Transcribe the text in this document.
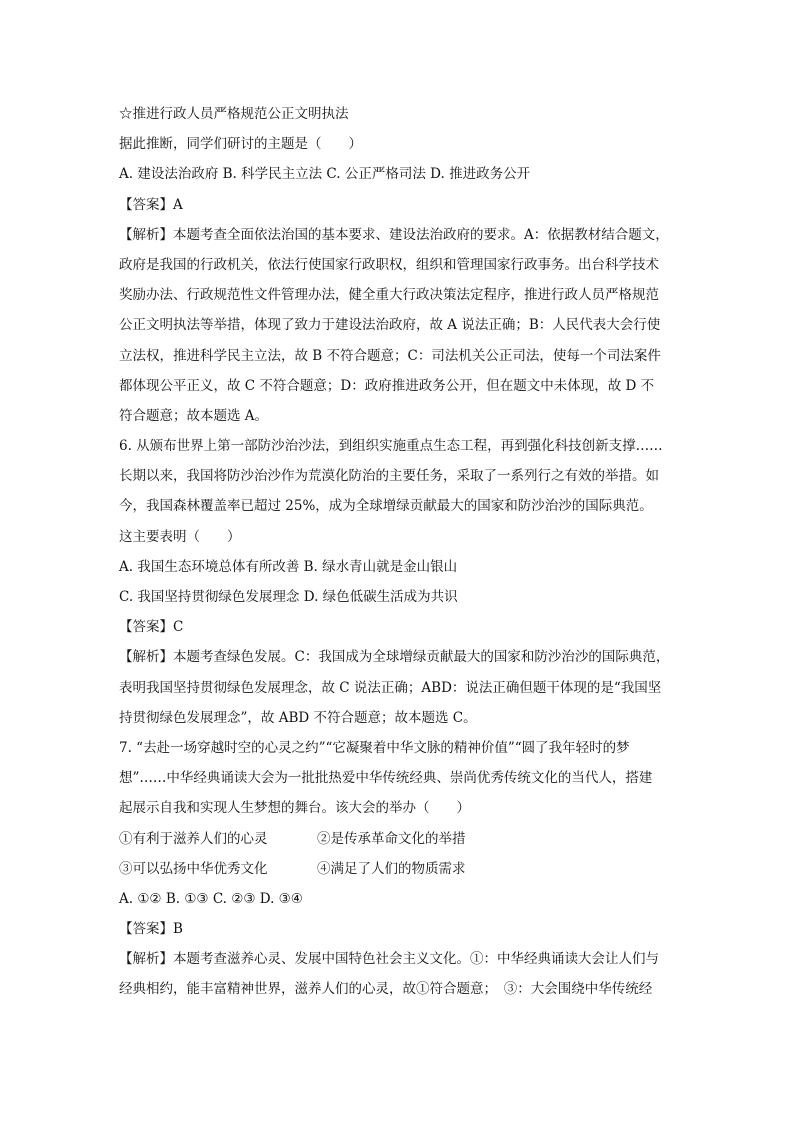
☆推进行政人员严格规范公正文明执法
据此推断，同学们研讨的主题是（　　）
A. 建设法治政府 B. 科学民主立法 C. 公正严格司法 D. 推进政务公开
【答案】A
【解析】本题考查全面依法治国的基本要求、建设法治政府的要求。A：依据教材结合题文，
政府是我国的行政机关，依法行使国家行政职权，组织和管理国家行政事务。出台科学技术
奖励办法、行政规范性文件管理办法，健全重大行政决策法定程序，推进行政人员严格规范
公正文明执法等举措，体现了致力于建设法治政府，故 A 说法正确；B：人民代表大会行使
立法权，推进科学民主立法，故 B 不符合题意；C：司法机关公正司法，使每一个司法案件
都体现公平正义，故 C 不符合题意；D：政府推进政务公开，但在题文中未体现，故 D 不
符合题意；故本题选 A。
6. 从颁布世界上第一部防沙治沙法，到组织实施重点生态工程，再到强化科技创新支撑……
长期以来，我国将防沙治沙作为荒漠化防治的主要任务，采取了一系列行之有效的举措。如
今，我国森林覆盖率已超过 25%，成为全球增绿贡献最大的国家和防沙治沙的国际典范。
这主要表明（　　）
A. 我国生态环境总体有所改善 B. 绿水青山就是金山银山
C. 我国坚持贯彻绿色发展理念 D. 绿色低碳生活成为共识
【答案】C
【解析】本题考查绿色发展。C：我国成为全球增绿贡献最大的国家和防沙治沙的国际典范，
表明我国坚持贯彻绿色发展理念，故 C 说法正确；ABD：说法正确但题干体现的是“我国坚
持贯彻绿色发展理念”，故 ABD 不符合题意；故本题选 C。
7. “去赴一场穿越时空的心灵之约”“它凝聚着中华文脉的精神价值”“圆了我年轻时的梦
想”……中华经典诵读大会为一批批热爱中华传统经典、崇尚优秀传统文化的当代人，搭建
起展示自我和实现人生梦想的舞台。该大会的举办（　　）
①有利于滋养人们的心灵	②是传承革命文化的举措
③可以弘扬中华优秀文化	④满足了人们的物质需求
A. ①② B. ①③ C. ②③ D. ③④
【答案】B
【解析】本题考查滋养心灵、发展中国特色社会主义文化。①：中华经典诵读大会让人们与
经典相约，能丰富精神世界，滋养人们的心灵，故①符合题意；　③：大会围绕中华传统经
